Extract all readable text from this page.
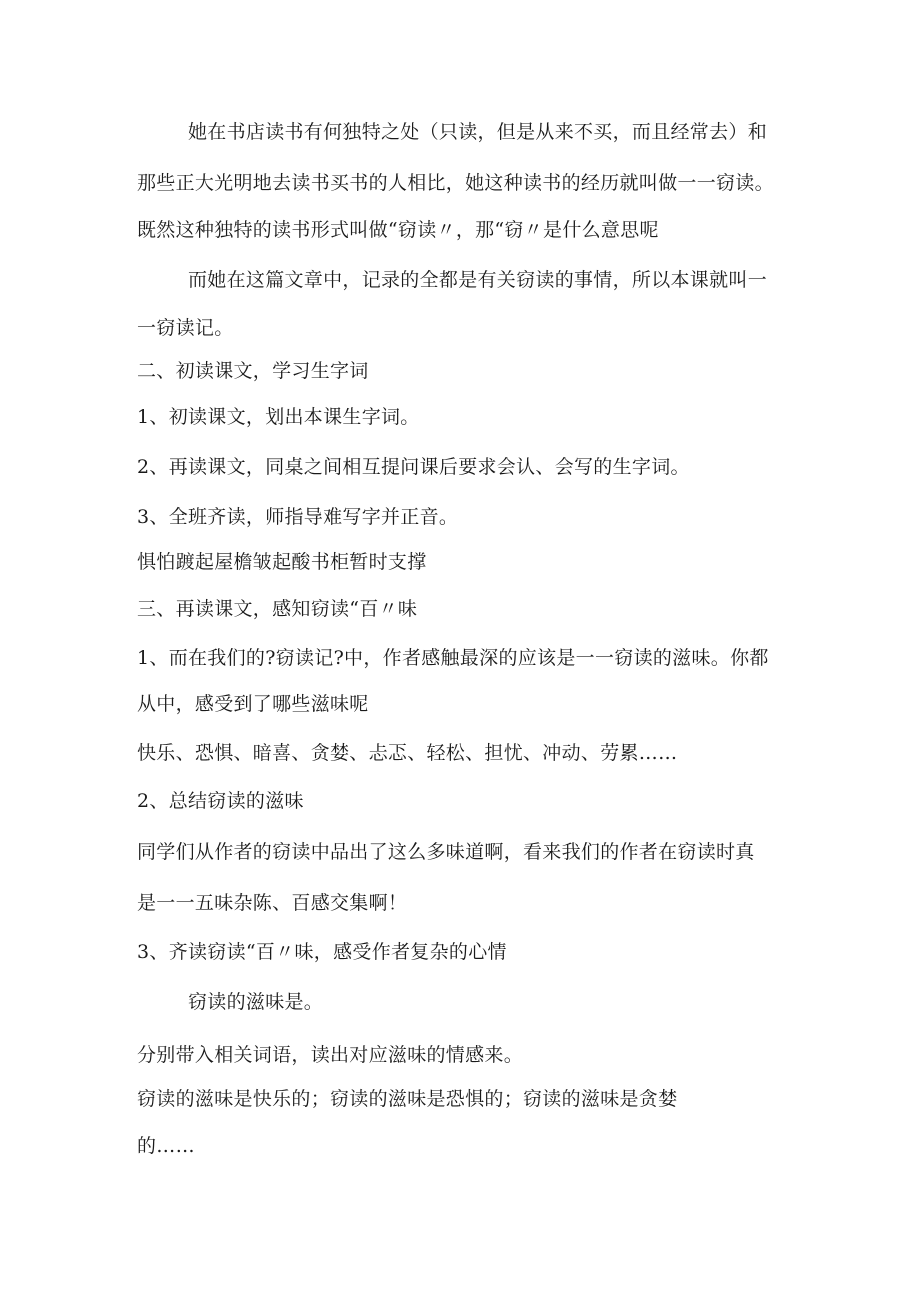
她在书店读书有何独特之处（只读，但是从来不买，而且经常去）和
那些正大光明地去读书买书的人相比，她这种读书的经历就叫做一一窃读。
既然这种独特的读书形式叫做“窃读〃，那“窃〃是什么意思呢
而她在这篇文章中，记录的全都是有关窃读的事情，所以本课就叫一
一窃读记。
二、初读课文，学习生字词
1、初读课文，划出本课生字词。
2、再读课文，同桌之间相互提问课后要求会认、会写的生字词。
3、全班齐读，师指导难写字并正音。
惧怕踱起屋檐皱起酸书柜暂时支撑
三、再读课文，感知窃读“百〃味
1、而在我们的?窃读记?中，作者感触最深的应该是一一窃读的滋味。你都
从中，感受到了哪些滋味呢
快乐、恐惧、暗喜、贪婪、忐忑、轻松、担忧、冲动、劳累……
2、总结窃读的滋味
同学们从作者的窃读中品出了这么多味道啊，看来我们的作者在窃读时真
是一一五味杂陈、百感交集啊！
3、齐读窃读“百〃味，感受作者复杂的心情
窃读的滋味是。
分别带入相关词语，读出对应滋味的情感来。
窃读的滋味是快乐的；窃读的滋味是恐惧的；窃读的滋味是贪婪
的……
